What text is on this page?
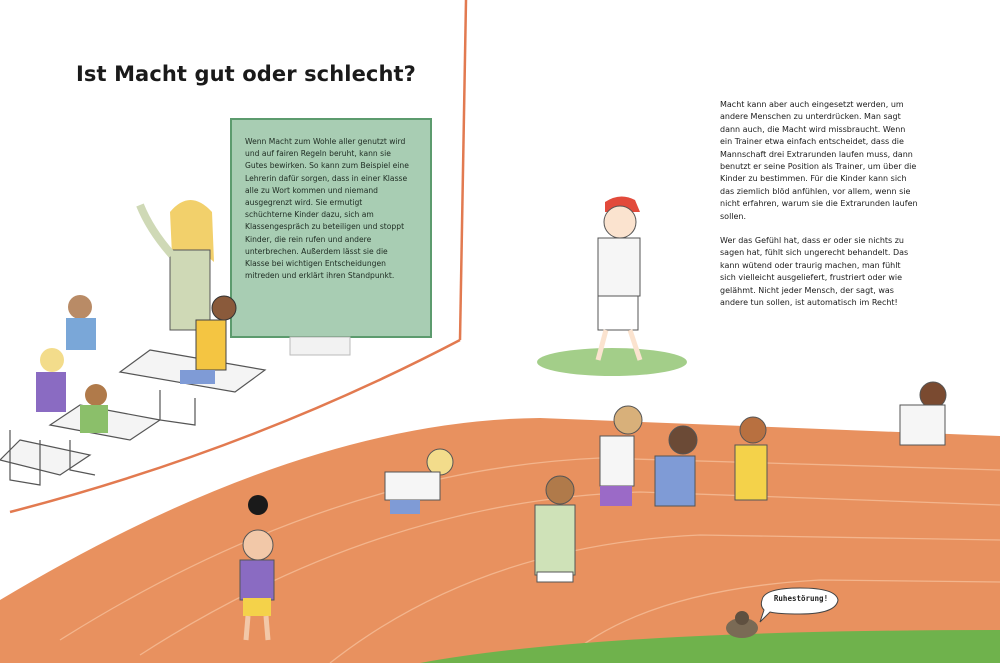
Ist Macht gut oder schlecht?

Wenn Macht zum Wohle aller genutzt wird und auf fairen Regeln beruht, kann sie Gutes bewirken. So kann zum Beispiel eine Lehrerin dafür sorgen, dass in einer Klasse alle zu Wort kommen und niemand ausgegrenzt wird. Sie ermutigt schüchterne Kinder dazu, sich am Klassengespräch zu beteiligen und stoppt Kinder, die rein rufen und andere unterbrechen. Außerdem lässt sie die Klasse bei wichtigen Entscheidungen mitreden und erklärt ihren Standpunkt.

Macht kann aber auch eingesetzt werden, um andere Menschen zu unterdrücken. Man sagt dann auch, die Macht wird missbraucht. Wenn ein Trainer etwa einfach entscheidet, dass die Mannschaft drei Extrarunden laufen muss, dann benutzt er seine Position als Trainer, um über die Kinder zu bestimmen. Für die Kinder kann sich das ziemlich blöd anfühlen, vor allem, wenn sie nicht erfahren, warum sie die Extrarunden laufen sollen.

Wer das Gefühl hat, dass er oder sie nichts zu sagen hat, fühlt sich ungerecht behandelt. Das kann wütend oder traurig machen, man fühlt sich vielleicht ausgeliefert, frustriert oder wie gelähmt. Nicht jeder Mensch, der sagt, was andere tun sollen, ist automatisch im Recht!

Ruhestörung!
